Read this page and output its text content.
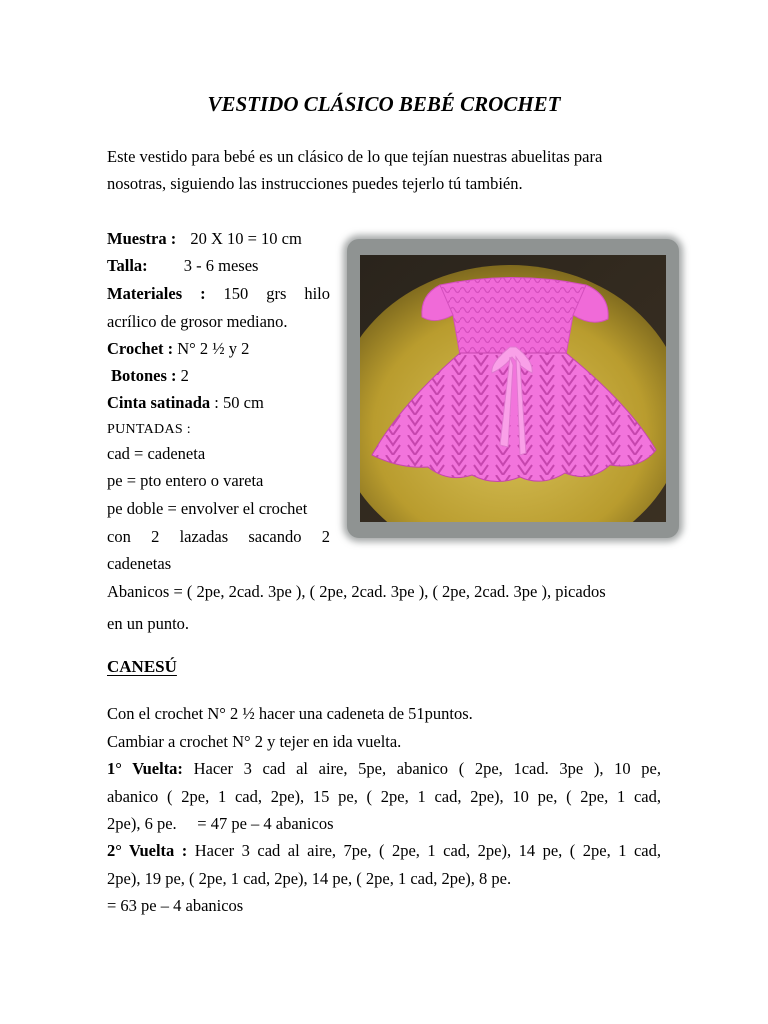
VESTIDO CLÁSICO BEBÉ CROCHET

Este vestido para bebé es un clásico de lo que tejían nuestras abuelitas para

nosotras, siguiendo las instrucciones puedes tejerlo tú también.

Muestra : 20 X 10 = 10 cm

Talla: 3 - 6 meses

Materiales : 150 grs hilo

acrílico de grosor mediano.

Crochet : N° 2 ½ y 2

Botones : 2

Cinta satinada : 50 cm

PUNTADAS :

cad = cadeneta

pe = pto entero o vareta

pe doble = envolver el crochet

con 2 lazadas sacando 2

cadenetas

Abanicos = ( 2pe, 2cad. 3pe ), ( 2pe, 2cad. 3pe ), ( 2pe, 2cad. 3pe ), picados

en un punto.

CANESÚ

Con el crochet N° 2 ½ hacer una cadeneta de 51puntos.

Cambiar a crochet N° 2 y tejer en ida vuelta.

1° Vuelta: Hacer 3 cad al aire, 5pe, abanico ( 2pe, 1cad. 3pe ), 10 pe,

abanico ( 2pe, 1 cad, 2pe), 15 pe, ( 2pe, 1 cad, 2pe), 10 pe, ( 2pe, 1 cad,

2pe), 6 pe.     = 47 pe – 4 abanicos

2° Vuelta : Hacer 3 cad al aire, 7pe, ( 2pe, 1 cad, 2pe), 14 pe, ( 2pe, 1 cad,

2pe), 19 pe, ( 2pe, 1 cad, 2pe), 14 pe, ( 2pe, 1 cad, 2pe), 8 pe.

= 63 pe – 4 abanicos
